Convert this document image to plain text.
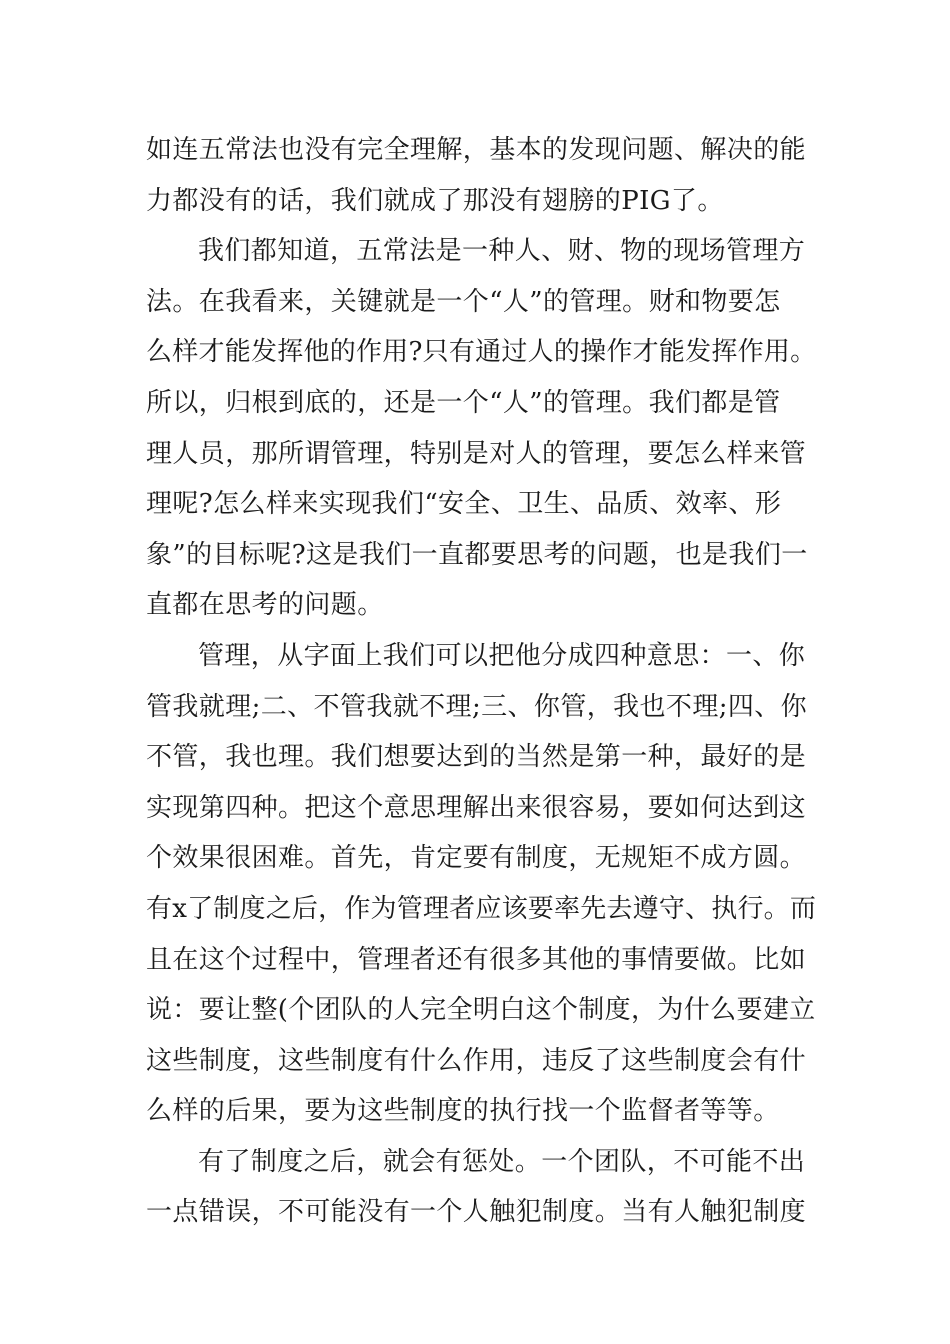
如连五常法也没有完全理解，基本的发现问题、解决的能
力都没有的话，我们就成了那没有翅膀的PIG了。
我们都知道，五常法是一种人、财、物的现场管理方
法。在我看来，关键就是一个“人”的管理。财和物要怎
么样才能发挥他的作用?只有通过人的操作才能发挥作用。
所以，归根到底的，还是一个“人”的管理。我们都是管
理人员，那所谓管理，特别是对人的管理，要怎么样来管
理呢?怎么样来实现我们“安全、卫生、品质、效率、形
象”的目标呢?这是我们一直都要思考的问题，也是我们一
直都在思考的问题。
管理，从字面上我们可以把他分成四种意思：一、你
管我就理;二、不管我就不理;三、你管，我也不理;四、你
不管，我也理。我们想要达到的当然是第一种，最好的是
实现第四种。把这个意思理解出来很容易，要如何达到这
个效果很困难。首先，肯定要有制度，无规矩不成方圆。
有x了制度之后，作为管理者应该要率先去遵守、执行。而
且在这个过程中，管理者还有很多其他的事情要做。比如
说：要让整(个团队的人完全明白这个制度，为什么要建立
这些制度，这些制度有什么作用，违反了这些制度会有什
么样的后果，要为这些制度的执行找一个监督者等等。
有了制度之后，就会有惩处。一个团队，不可能不出
一点错误，不可能没有一个人触犯制度。当有人触犯制度
